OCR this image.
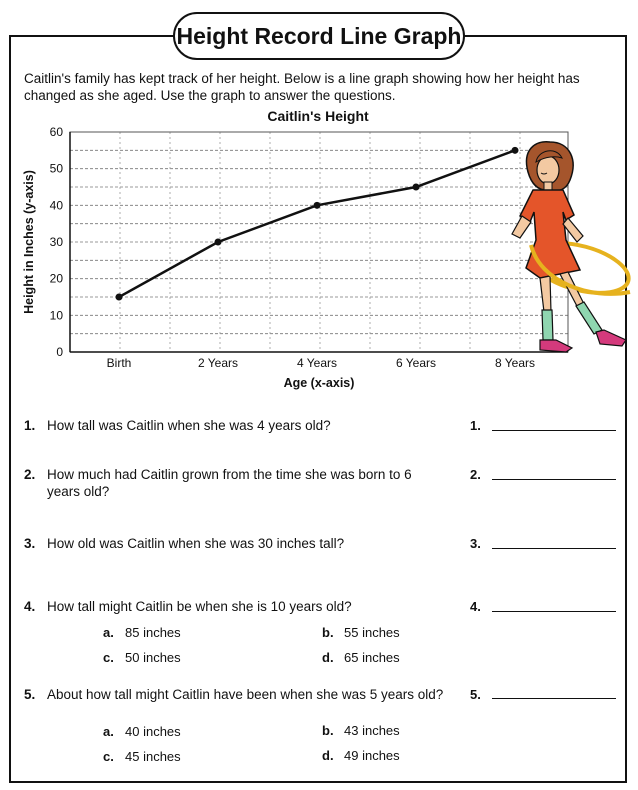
Height Record Line Graph
Caitlin's family has kept track of her height. Below is a line graph showing how her height has changed as she aged. Use the graph to answer the questions.
Caitlin's Height
0
10
20
30
40
50
60
Birth	2 Years	4 Years	6 Years	8 Years
Age (x-axis)
Height in Inches (y-axis)
1. How tall was Caitlin when she was 4 years old?	1.
2. How much had Caitlin grown from the time she was born to 6 years old?
2.
3. How old was Caitlin when she was 30 inches tall?	3.
4. How tall might Caitlin be when she is 10 years old?	4.
a. 85 inches	b. 55 inches
c. 50 inches	d. 65 inches
5. About how tall might Caitlin have been when she was 5 years old? 5.
a. 40 inches	b. 43 inches
c. 45 inches	d. 49 inches
